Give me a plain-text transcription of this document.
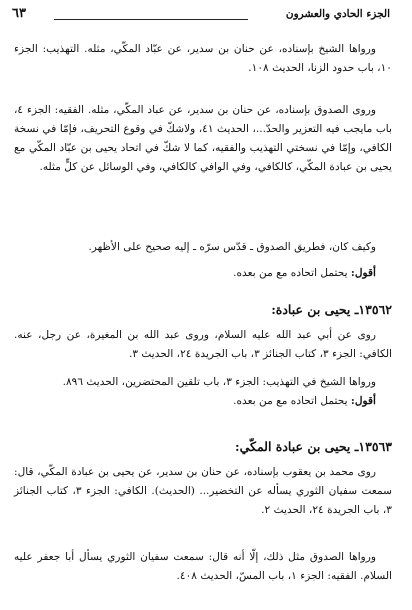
٦٣	الجزء الحادي والعشرون
ورواها الشيخ بإسناده، عن حنان بن سدير، عن عبّاد المكّي، مثله. التهذيب: الجزء ١٠، باب حدود الزنا، الحديث ١٠٨.
وروى الصدوق بإسناده، عن حنان بن سدير، عن عباد المكّي، مثله. الفقيه: الجزء ٤، باب مايجب فيه التعزير والحدّ...، الحديث ٤١، ولاشكّ في وقوع التحريف، فإمّا في نسخة الكافي، وإمّا في نسختي التهذيب والفقيه، كما لا شكّ في اتحاد يحيى بن عبّاد المكّي مع يحيى بن عبادة المكّي، كالكافي، وفي الوافي كالكافي، وفي الوسائل عن كلٍّ مثله.
وكيف كان، فطريق الصدوق ـ قدّس سرّه ـ إليه صحيح على الأظهر.
أقول: يحتمل اتحاده مع من بعده.
١٣٥٦٢ـ يحيى بن عبادة:
روى عن أبي عبد الله عليه السلام، وروى عبد الله بن المغيرة، عن رجل، عنه. الكافي: الجزء ٣، كتاب الجنائز ٣، باب الجريدة ٢٤، الحديث ٣.
ورواها الشيخ في التهذيب: الجزء ٣، باب تلقين المحتضرين، الحديث ٨٩٦.
أقول: يحتمل اتحاده مع من بعده.
١٣٥٦٣ـ يحيى بن عبادة المكّي:
روى محمد بن يعقوب بإسناده، عن حنان بن سدير، عن يحيى بن عبادة المكّي، قال: سمعت سفيان الثوري يسأله عن التخضير... (الحديث). الكافي: الجزء ٣، كتاب الجنائز ٣، باب الجريدة ٢٤، الحديث ٢.
ورواها الصدوق مثل ذلك، إلّا أنه قال: سمعت سفيان الثوري يسأل أبا جعفر عليه السلام. الفقيه: الجزء ١، باب المسّ، الحديث ٤٠٨.
